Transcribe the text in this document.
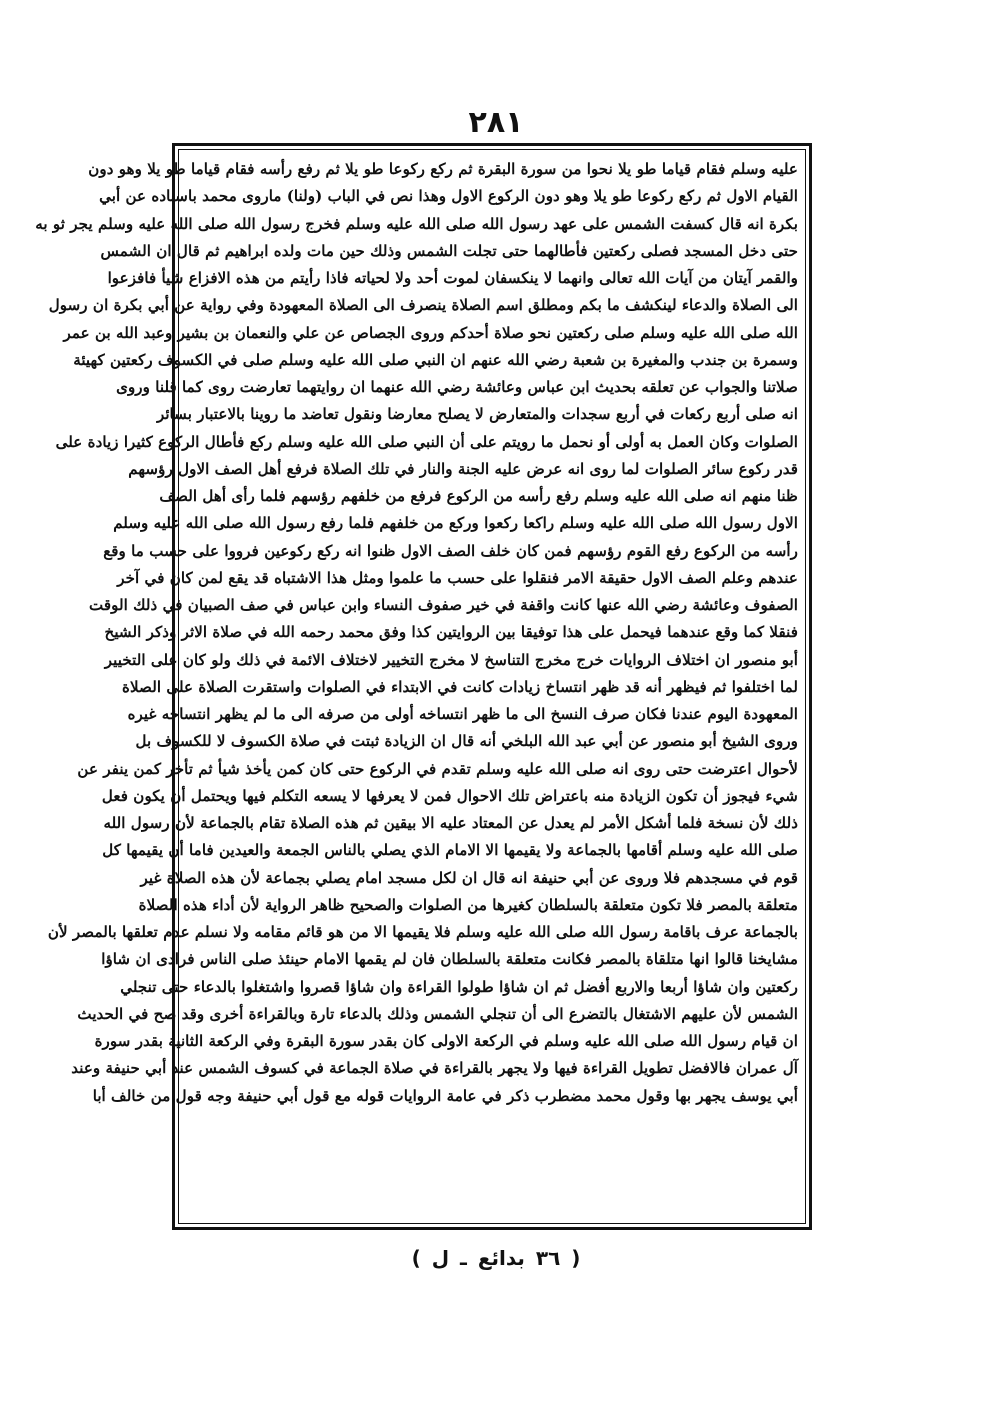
٢٨١
عليه وسلم فقام قياما طو يلا نحوا من سورة البقرة ثم ركع ركوعا طو يلا ثم رفع رأسه فقام قياما طو يلا وهو دون
القيام الاول ثم ركع ركوعا طو يلا وهو دون الركوع الاول وهذا نص في الباب (ولنا) ماروى محمد باسناده عن أبي
بكرة انه قال كسفت الشمس على عهد رسول الله صلى الله عليه وسلم فخرج رسول الله صلى الله عليه وسلم يجر ثو به
حتى دخل المسجد فصلى ركعتين فأطالهما حتى تجلت الشمس وذلك حين مات ولده ابراهيم ثم قال ان الشمس
والقمر آيتان من آيات الله تعالى وانهما لا ينكسفان لموت أحد ولا لحياته فاذا رأيتم من هذه الافزاع شيأ فافزعوا
الى الصلاة والدعاء لينكشف ما بكم ومطلق اسم الصلاة ينصرف الى الصلاة المعهودة وفي رواية عن أبي بكرة ان رسول
الله صلى الله عليه وسلم صلى ركعتين نحو صلاة أحدكم وروى الجصاص عن علي والنعمان بن بشير وعبد الله بن عمر
وسمرة بن جندب والمغيرة بن شعبة رضي الله عنهم ان النبي صلى الله عليه وسلم صلى في الكسوف ركعتين كهيئة
صلاتنا والجواب عن تعلقه بحديث ابن عباس وعائشة رضي الله عنهما ان روايتهما تعارضت روى كما قلنا وروى
انه صلى أربع ركعات في أربع سجدات والمتعارض لا يصلح معارضا ونقول تعاضد ما روينا بالاعتبار بسائر
الصلوات وكان العمل به أولى أو نحمل ما رويتم على أن النبي صلى الله عليه وسلم ركع فأطال الركوع كثيرا زيادة على
قدر ركوع سائر الصلوات لما روى انه عرض عليه الجنة والنار في تلك الصلاة فرفع أهل الصف الاول رؤسهم
ظنا منهم انه صلى الله عليه وسلم رفع رأسه من الركوع فرفع من خلفهم رؤسهم فلما رأى أهل الصف
الاول رسول الله صلى الله عليه وسلم راكعا ركعوا وركع من خلفهم فلما رفع رسول الله صلى الله عليه وسلم
رأسه من الركوع رفع القوم رؤسهم فمن كان خلف الصف الاول ظنوا انه ركع ركوعين فرووا على حسب ما وقع
عندهم وعلم الصف الاول حقيقة الامر فنقلوا على حسب ما علموا ومثل هذا الاشتباه قد يقع لمن كان في آخر
الصفوف وعائشة رضي الله عنها كانت واقفة في خير صفوف النساء وابن عباس في صف الصبيان في ذلك الوقت
فنقلا كما وقع عندهما فيحمل على هذا توفيقا بين الروايتين كذا وفق محمد رحمه الله في صلاة الاثر وذكر الشيخ
أبو منصور ان اختلاف الروايات خرج مخرج التناسخ لا مخرج التخيير لاختلاف الائمة في ذلك ولو كان على التخيير
لما اختلفوا ثم فيظهر أنه قد ظهر انتساخ زيادات كانت في الابتداء في الصلوات واستقرت الصلاة على الصلاة
المعهودة اليوم عندنا فكان صرف النسخ الى ما ظهر انتساخه أولى من صرفه الى ما لم يظهر انتساخه غيره
وروى الشيخ أبو منصور عن أبي عبد الله البلخي أنه قال ان الزيادة ثبتت في صلاة الكسوف لا للكسوف بل
لأحوال اعترضت حتى روى انه صلى الله عليه وسلم تقدم في الركوع حتى كان كمن يأخذ شيأ ثم تأخر كمن ينفر عن
شيء فيجوز أن تكون الزيادة منه باعتراض تلك الاحوال فمن لا يعرفها لا يسعه التكلم فيها ويحتمل أن يكون فعل
ذلك لأن نسخة فلما أشكل الأمر لم يعدل عن المعتاد عليه الا بيقين ثم هذه الصلاة تقام بالجماعة لأن رسول الله
صلى الله عليه وسلم أقامها بالجماعة ولا يقيمها الا الامام الذي يصلي بالناس الجمعة والعيدين فاما أن يقيمها كل
قوم في مسجدهم فلا وروى عن أبي حنيفة انه قال ان لكل مسجد امام يصلي بجماعة لأن هذه الصلاة غير
متعلقة بالمصر فلا تكون متعلقة بالسلطان كغيرها من الصلوات والصحيح ظاهر الرواية لأن أداء هذه الصلاة
بالجماعة عرف باقامة رسول الله صلى الله عليه وسلم فلا يقيمها الا من هو قائم مقامه ولا نسلم عدم تعلقها بالمصر لأن
مشايخنا قالوا انها متلقاة بالمصر فكانت متعلقة بالسلطان فان لم يقمها الامام حينئذ صلى الناس فرادى ان شاؤا
ركعتين وان شاؤا أربعا والاربع أفضل ثم ان شاؤا طولوا القراءة وان شاؤا قصروا واشتغلوا بالدعاء حتى تنجلي
الشمس لأن عليهم الاشتغال بالتضرع الى أن تنجلي الشمس وذلك بالدعاء تارة وبالقراءة أخرى وقد صح في الحديث
ان قيام رسول الله صلى الله عليه وسلم في الركعة الاولى كان بقدر سورة البقرة وفي الركعة الثانية بقدر سورة
آل عمران فالافضل تطويل القراءة فيها ولا يجهر بالقراءة في صلاة الجماعة في كسوف الشمس عند أبي حنيفة وعند
أبي يوسف يجهر بها وقول محمد مضطرب ذكر في عامة الروايات قوله مع قول أبي حنيفة وجه قول من خالف أبا
( ٣٦ بدائع ـ ل )
